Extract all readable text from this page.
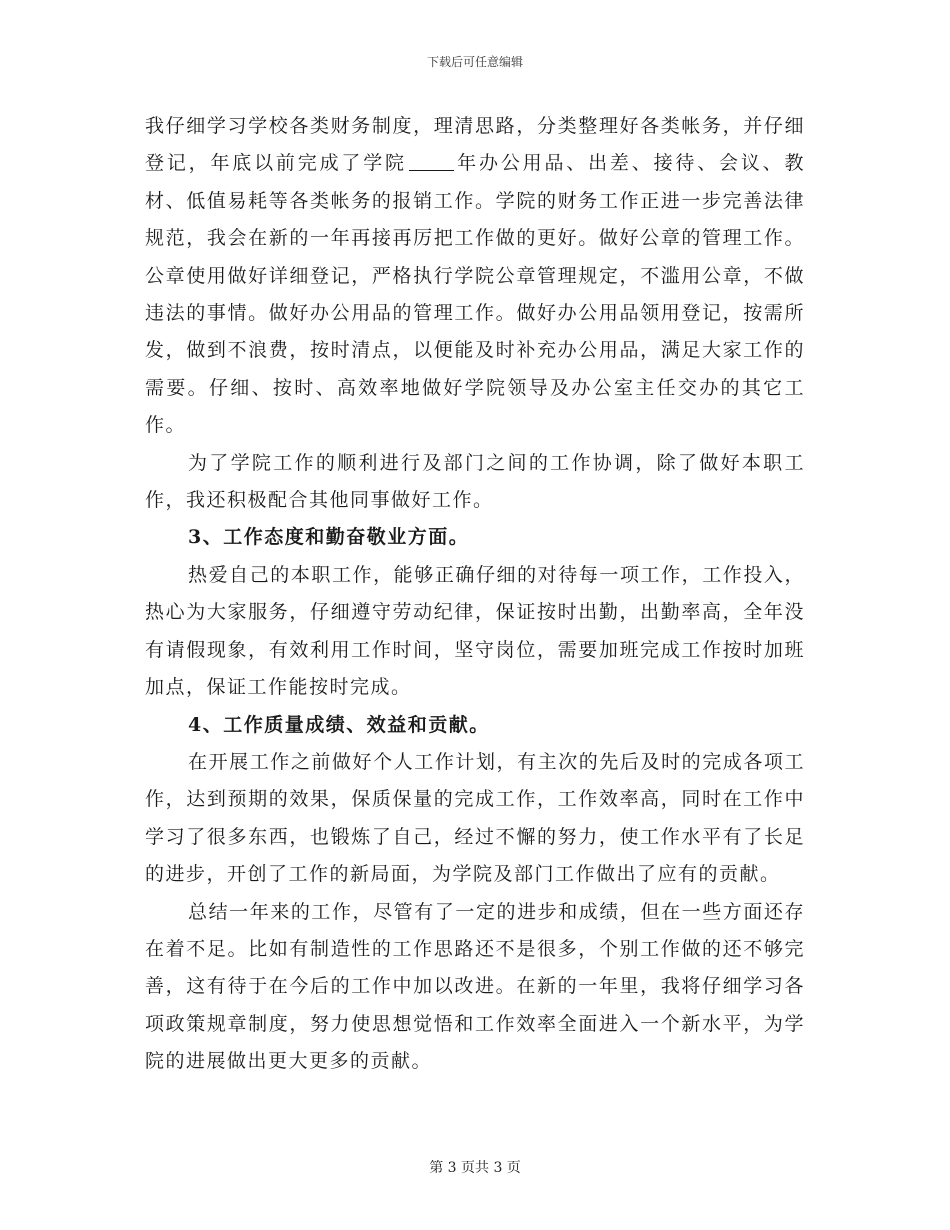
下载后可任意编辑

我仔细学习学校各类财务制度，理清思路，分类整理好各类帐务，并仔细登记，年底以前完成了学院	年办公用品、出差、接待、会议、教材、低值易耗等各类帐务的报销工作。学院的财务工作正进一步完善法律规范，我会在新的一年再接再厉把工作做的更好。做好公章的管理工作。公章使用做好详细登记，严格执行学院公章管理规定，不滥用公章，不做违法的事情。做好办公用品的管理工作。做好办公用品领用登记，按需所发，做到不浪费，按时清点，以便能及时补充办公用品，满足大家工作的需要。仔细、按时、高效率地做好学院领导及办公室主任交办的其它工作。

为了学院工作的顺利进行及部门之间的工作协调，除了做好本职工作，我还积极配合其他同事做好工作。

3、工作态度和勤奋敬业方面。

热爱自己的本职工作，能够正确仔细的对待每一项工作，工作投入，热心为大家服务，仔细遵守劳动纪律，保证按时出勤，出勤率高，全年没有请假现象，有效利用工作时间，坚守岗位，需要加班完成工作按时加班加点，保证工作能按时完成。

4、工作质量成绩、效益和贡献。

在开展工作之前做好个人工作计划，有主次的先后及时的完成各项工作，达到预期的效果，保质保量的完成工作，工作效率高，同时在工作中学习了很多东西，也锻炼了自己，经过不懈的努力，使工作水平有了长足的进步，开创了工作的新局面，为学院及部门工作做出了应有的贡献。

总结一年来的工作，尽管有了一定的进步和成绩，但在一些方面还存在着不足。比如有制造性的工作思路还不是很多，个别工作做的还不够完善，这有待于在今后的工作中加以改进。在新的一年里，我将仔细学习各项政策规章制度，努力使思想觉悟和工作效率全面进入一个新水平，为学院的进展做出更大更多的贡献。

第 3 页共 3 页
